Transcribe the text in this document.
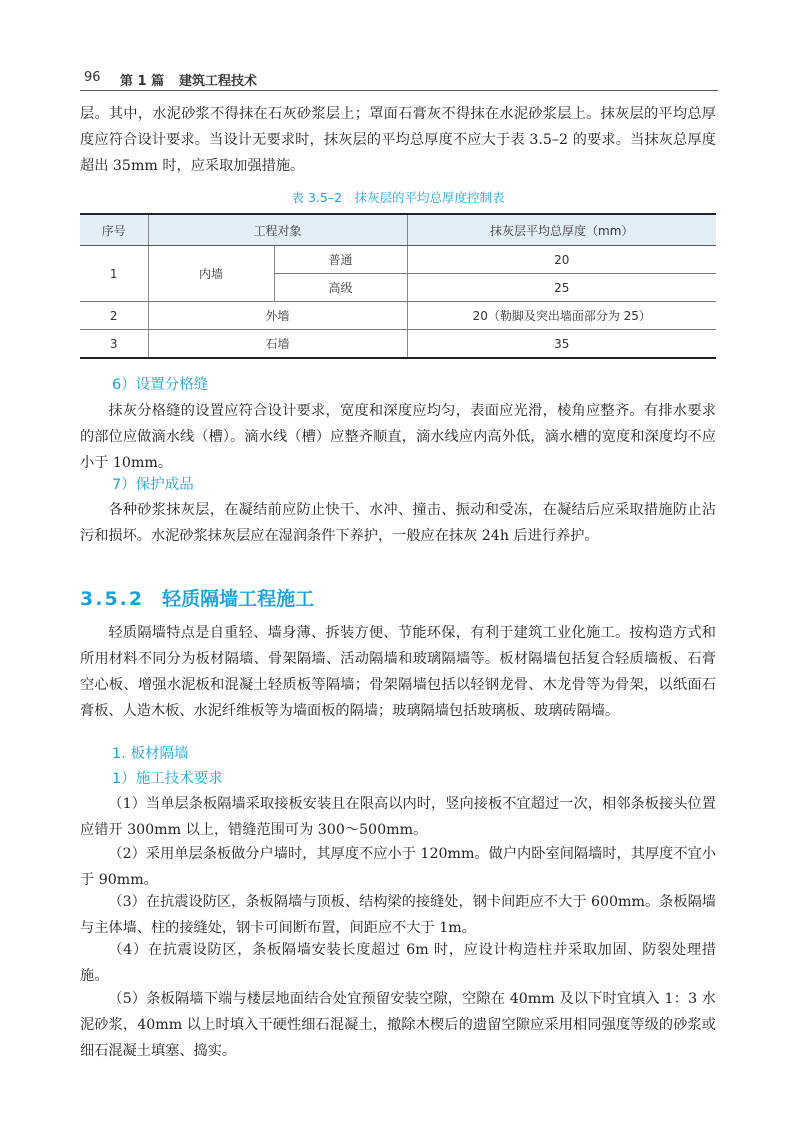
96 第 1 篇 建筑工程技术

层。其中，水泥砂浆不得抹在石灰砂浆层上；罩面石膏灰不得抹在水泥砂浆层上。抹灰层的平均总厚度应符合设计要求。当设计无要求时，抹灰层的平均总厚度不应大于表 3.5–2 的要求。当抹灰总厚度超出 35mm 时，应采取加强措施。

表 3.5–2　抹灰层的平均总厚度控制表
序号	工程对象		抹灰层平均总厚度（mm）
1	内墙	普通	20
		高级	25
2	外墙		20（勒脚及突出墙面部分为 25）
3	石墙		35
6）设置分格缝

抹灰分格缝的设置应符合设计要求，宽度和深度应均匀，表面应光滑，棱角应整齐。有排水要求的部位应做滴水线（槽）。滴水线（槽）应整齐顺直，滴水线应内高外低，滴水槽的宽度和深度均不应小于 10mm。

7）保护成品

各种砂浆抹灰层，在凝结前应防止快干、水冲、撞击、振动和受冻，在凝结后应采取措施防止沾污和损坏。水泥砂浆抹灰层应在湿润条件下养护，一般应在抹灰 24h 后进行养护。

3.5.2 轻质隔墙工程施工

轻质隔墙特点是自重轻、墙身薄、拆装方便、节能环保，有利于建筑工业化施工。按构造方式和所用材料不同分为板材隔墙、骨架隔墙、活动隔墙和玻璃隔墙等。板材隔墙包括复合轻质墙板、石膏空心板、增强水泥板和混凝土轻质板等隔墙；骨架隔墙包括以轻钢龙骨、木龙骨等为骨架，以纸面石膏板、人造木板、水泥纤维板等为墙面板的隔墙；玻璃隔墙包括玻璃板、玻璃砖隔墙。

1. 板材隔墙
1）施工技术要求

（1）当单层条板隔墙采取接板安装且在限高以内时，竖向接板不宜超过一次，相邻条板接头位置应错开 300mm 以上，错缝范围可为 300～500mm。

（2）采用单层条板做分户墙时，其厚度不应小于 120mm。做户内卧室间隔墙时，其厚度不宜小于 90mm。

（3）在抗震设防区，条板隔墙与顶板、结构梁的接缝处，钢卡间距应不大于 600mm。条板隔墙与主体墙、柱的接缝处，钢卡可间断布置，间距应不大于 1m。

（4）在抗震设防区，条板隔墙安装长度超过 6m 时，应设计构造柱并采取加固、防裂处理措施。

（5）条板隔墙下端与楼层地面结合处宜预留安装空隙，空隙在 40mm 及以下时宜填入 1：3 水泥砂浆，40mm 以上时填入干硬性细石混凝土，撤除木楔后的遗留空隙应采用相同强度等级的砂浆或细石混凝土填塞、捣实。
